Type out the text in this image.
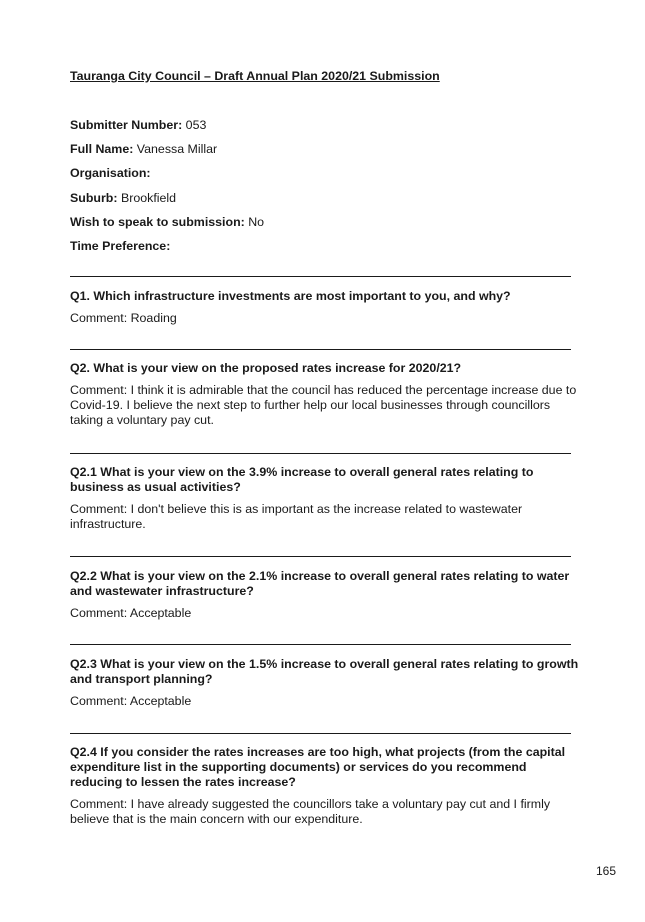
Tauranga City Council – Draft Annual Plan 2020/21 Submission
Submitter Number: 053
Full Name: Vanessa Millar
Organisation:
Suburb: Brookfield
Wish to speak to submission: No
Time Preference:

Q1. Which infrastructure investments are most important to you, and why?

Comment: Roading

Q2. What is your view on the proposed rates increase for 2020/21?

Comment: I think it is admirable that the council has reduced the percentage increase due to Covid-19. I believe the next step to further help our local businesses through councillors taking a voluntary pay cut.

Q2.1 What is your view on the 3.9% increase to overall general rates relating to business as usual activities?

Comment: I don't believe this is as important as the increase related to wastewater infrastructure.

Q2.2 What is your view on the 2.1% increase to overall general rates relating to water and wastewater infrastructure?

Comment: Acceptable

Q2.3 What is your view on the 1.5% increase to overall general rates relating to growth and transport planning?

Comment: Acceptable

Q2.4 If you consider the rates increases are too high, what projects (from the capital expenditure list in the supporting documents) or services do you recommend reducing to lessen the rates increase?

Comment: I have already suggested the councillors take a voluntary pay cut and I firmly believe that is the main concern with our expenditure.

165
